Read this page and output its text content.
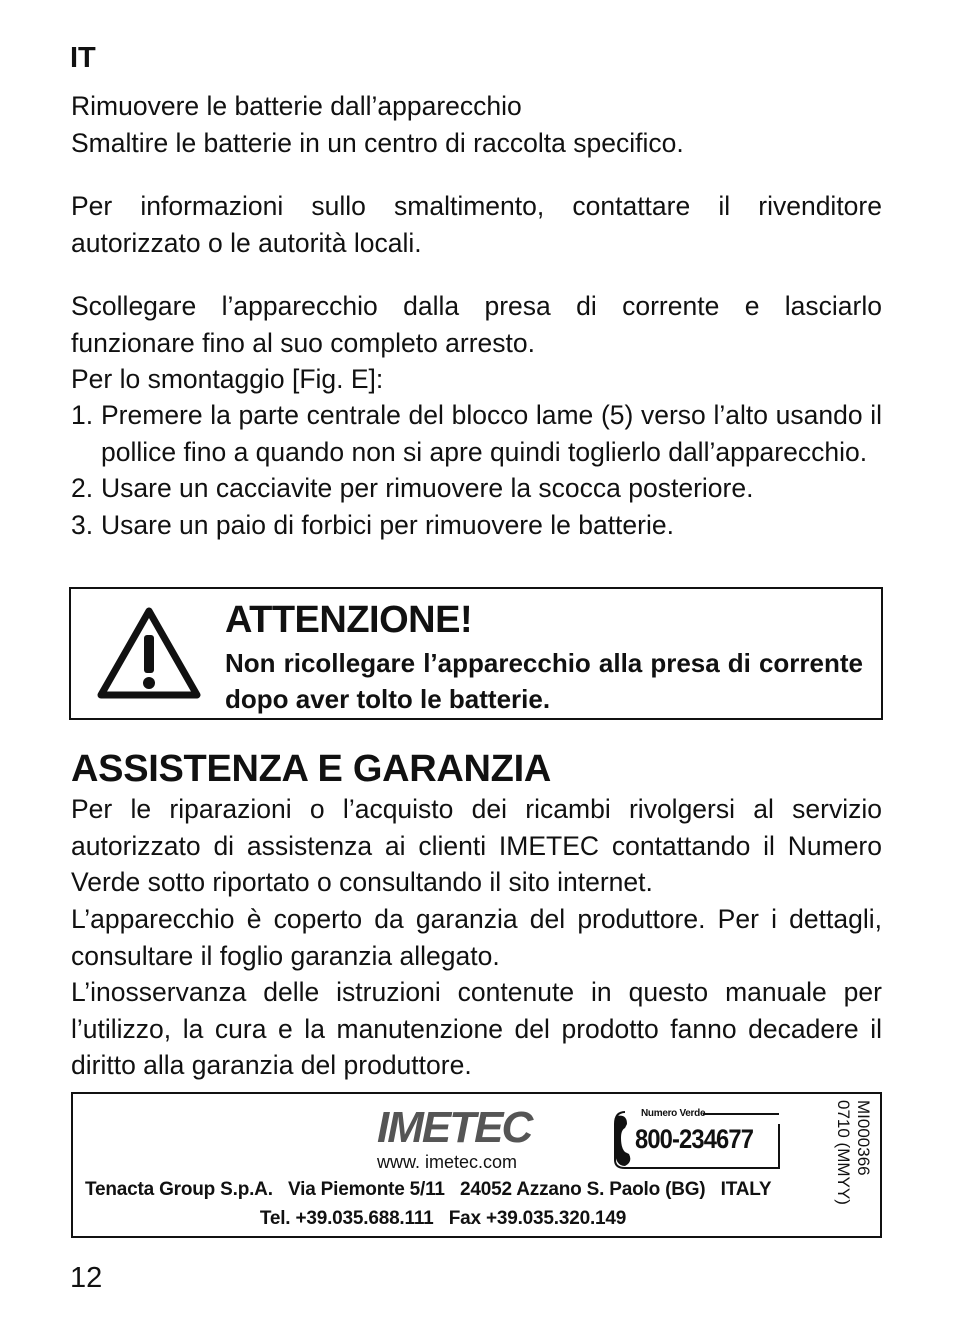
IT

Rimuovere le batterie dall’apparecchio
Smaltire le batterie in un centro di raccolta specifico.

Per informazioni sullo smaltimento, contattare il rivenditore
autorizzato o le autorità locali.

Scollegare l’apparecchio dalla presa di corrente e lasciarlo
funzionare fino al suo completo arresto.
Per lo smontaggio [Fig. E]:

1. Premere la parte centrale del blocco lame (5) verso l’alto usando il pollice fino a quando non si apre quindi toglierlo dall’apparecchio.
2. Usare un cacciavite per rimuovere la scocca posteriore.
3. Usare un paio di forbici per rimuovere le batterie.
ATTENZIONE!
Non ricollegare l’apparecchio alla presa di corrente dopo aver tolto le batterie.
ASSISTENZA E GARANZIA

Per le riparazioni o l’acquisto dei ricambi rivolgersi al servizio autorizzato di assistenza ai clienti IMETEC contattando il Numero Verde sotto riportato o consultando il sito internet.

L’apparecchio è coperto da garanzia del produttore. Per i dettagli, consultare il foglio garanzia allegato.

L’inosservanza delle istruzioni contenute in questo manuale per l’utilizzo, la cura e la manutenzione del prodotto fanno decadere il diritto alla garanzia del produttore.

IMETEC
www. imetec.com
Tenacta Group S.p.A.   Via Piemonte 5/11   24052 Azzano S. Paolo (BG)   ITALY
Tel. +39.035.688.111   Fax +39.035.320.149
Numero Verde
800-234677	MI000366
0710 (MMYY)
12
